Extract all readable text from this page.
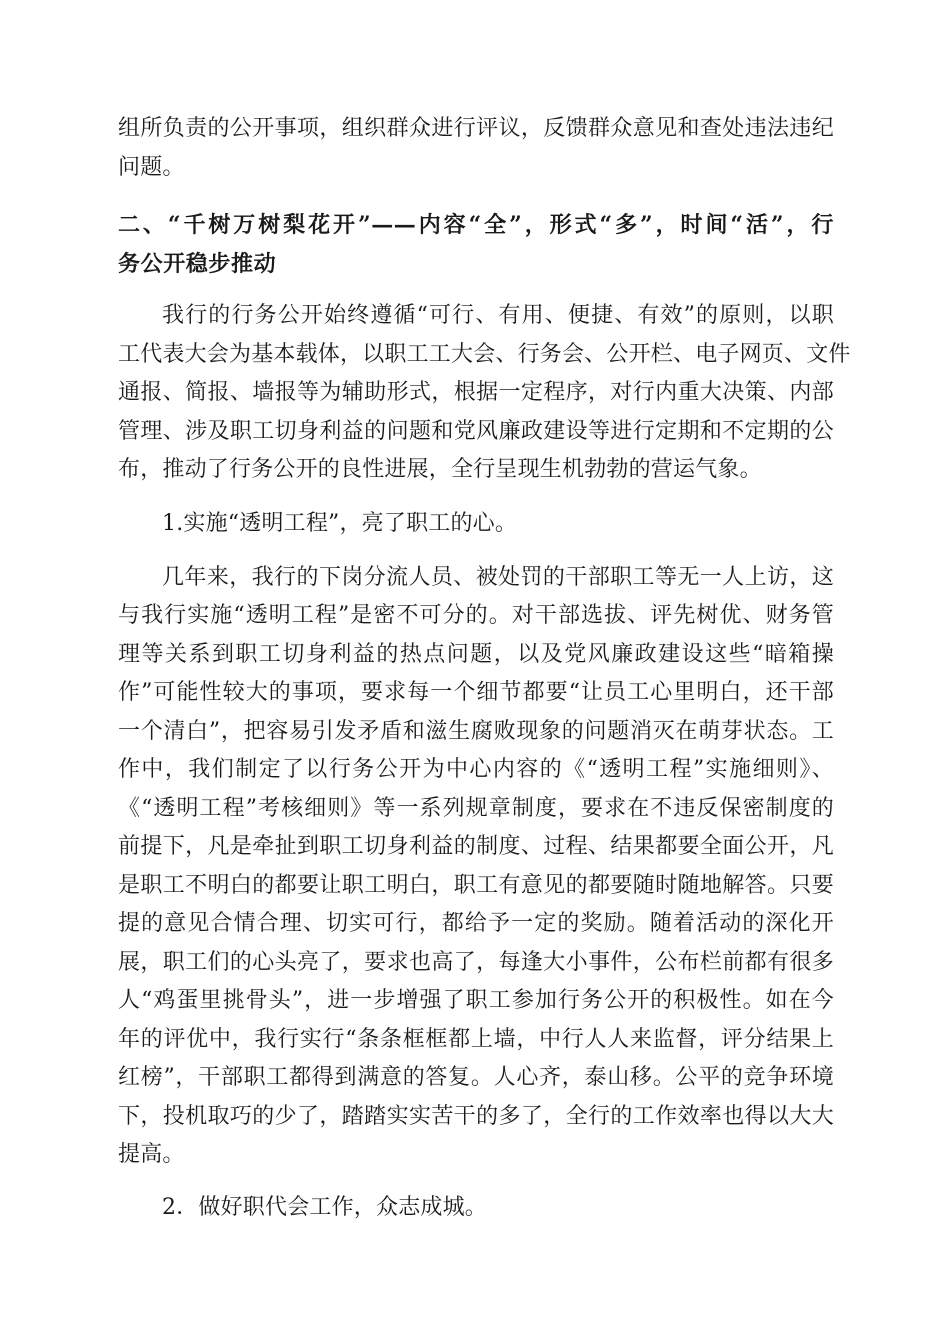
组所负责的公开事项，组织群众进行评议，反馈群众意见和查处违法违纪
问题。
二、“千树万树梨花开”——内容“全”，形式“多”，时间“活”，行
务公开稳步推动
我行的行务公开始终遵循“可行、有用、便捷、有效”的原则，以职
工代表大会为基本载体，以职工工大会、行务会、公开栏、电子网页、文件
通报、简报、墙报等为辅助形式，根据一定程序，对行内重大决策、内部
管理、涉及职工切身利益的问题和党风廉政建设等进行定期和不定期的公
布，推动了行务公开的良性进展，全行呈现生机勃勃的营运气象。
1.实施“透明工程”，亮了职工的心。
几年来，我行的下岗分流人员、被处罚的干部职工等无一人上访，这
与我行实施“透明工程”是密不可分的。对干部选拔、评先树优、财务管
理等关系到职工切身利益的热点问题，以及党风廉政建设这些“暗箱操
作”可能性较大的事项，要求每一个细节都要“让员工心里明白，还干部
一个清白”，把容易引发矛盾和滋生腐败现象的问题消灭在萌芽状态。工
作中，我们制定了以行务公开为中心内容的《“透明工程”实施细则》、
《“透明工程”考核细则》等一系列规章制度，要求在不违反保密制度的
前提下，凡是牵扯到职工切身利益的制度、过程、结果都要全面公开，凡
是职工不明白的都要让职工明白，职工有意见的都要随时随地解答。只要
提的意见合情合理、切实可行，都给予一定的奖励。随着活动的深化开
展，职工们的心头亮了，要求也高了，每逢大小事件，公布栏前都有很多
人“鸡蛋里挑骨头”，进一步增强了职工参加行务公开的积极性。如在今
年的评优中，我行实行“条条框框都上墙，中行人人来监督，评分结果上
红榜”，干部职工都得到满意的答复。人心齐，泰山移。公平的竞争环境
下，投机取巧的少了，踏踏实实苦干的多了，全行的工作效率也得以大大
提高。
2．做好职代会工作，众志成城。
